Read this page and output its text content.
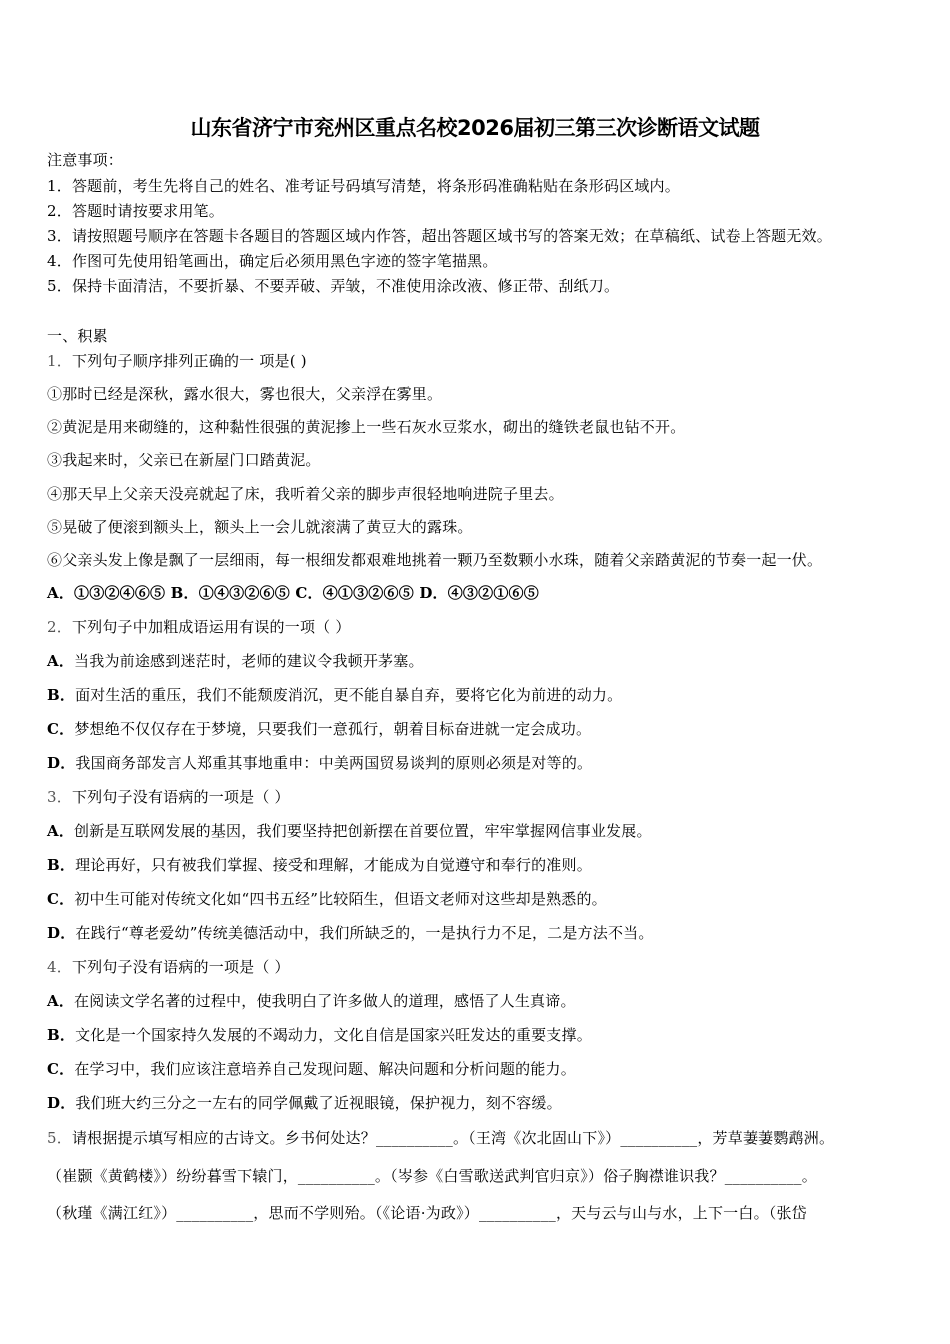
山东省济宁市兖州区重点名校2026届初三第三次诊断语文试题
注意事项：
1．答题前，考生先将自己的姓名、准考证号码填写清楚，将条形码准确粘贴在条形码区域内。
2．答题时请按要求用笔。
3．请按照题号顺序在答题卡各题目的答题区域内作答，超出答题区域书写的答案无效；在草稿纸、试卷上答题无效。
4．作图可先使用铅笔画出，确定后必须用黑色字迹的签字笔描黑。
5．保持卡面清洁，不要折暴、不要弄破、弄皱，不准使用涂改液、修正带、刮纸刀。
一、积累
1．下列句子顺序排列正确的一 项是( )
①那时已经是深秋，露水很大，雾也很大，父亲浮在雾里。
②黄泥是用来砌缝的，这种黏性很强的黄泥掺上一些石灰水豆浆水，砌出的缝铁老鼠也钻不开。
③我起来时，父亲已在新屋门口踏黄泥。
④那天早上父亲天没亮就起了床，我听着父亲的脚步声很轻地响进院子里去。
⑤晃破了便滚到额头上，额头上一会儿就滚满了黄豆大的露珠。
⑥父亲头发上像是飘了一层细雨，每一根细发都艰难地挑着一颗乃至数颗小水珠，随着父亲踏黄泥的节奏一起一伏。
A．①③②④⑥⑤ B．①④③②⑥⑤ C．④①③②⑥⑤ D．④③②①⑥⑤
2．下列句子中加粗成语运用有误的一项（ ）
A．当我为前途感到迷茫时，老师的建议令我顿开茅塞。
B．面对生活的重压，我们不能颓废消沉，更不能自暴自弃，要将它化为前进的动力。
C．梦想绝不仅仅存在于梦境，只要我们一意孤行，朝着目标奋进就一定会成功。
D．我国商务部发言人郑重其事地重申：中美两国贸易谈判的原则必须是对等的。
3．下列句子没有语病的一项是（ ）
A．创新是互联网发展的基因，我们要坚持把创新摆在首要位置，牢牢掌握网信事业发展。
B．理论再好，只有被我们掌握、接受和理解，才能成为自觉遵守和奉行的准则。
C．初中生可能对传统文化如“四书五经”比较陌生，但语文老师对这些却是熟悉的。
D．在践行“尊老爱幼”传统美德活动中，我们所缺乏的，一是执行力不足，二是方法不当。
4．下列句子没有语病的一项是（ ）
A．在阅读文学名著的过程中，使我明白了许多做人的道理，感悟了人生真谛。
B．文化是一个国家持久发展的不竭动力，文化自信是国家兴旺发达的重要支撑。
C．在学习中，我们应该注意培养自己发现问题、解决问题和分析问题的能力。
D．我们班大约三分之一左右的同学佩戴了近视眼镜，保护视力，刻不容缓。
5．请根据提示填写相应的古诗文。乡书何处达？__________。（王湾《次北固山下》）__________，芳草萋萋鹦鹉洲。
（崔颢《黄鹤楼》）纷纷暮雪下辕门，__________。（岑参《白雪歌送武判官归京》）俗子胸襟谁识我？__________。
（秋瑾《满江红》）__________，思而不学则殆。（《论语·为政》）__________，天与云与山与水，上下一白。（张岱
